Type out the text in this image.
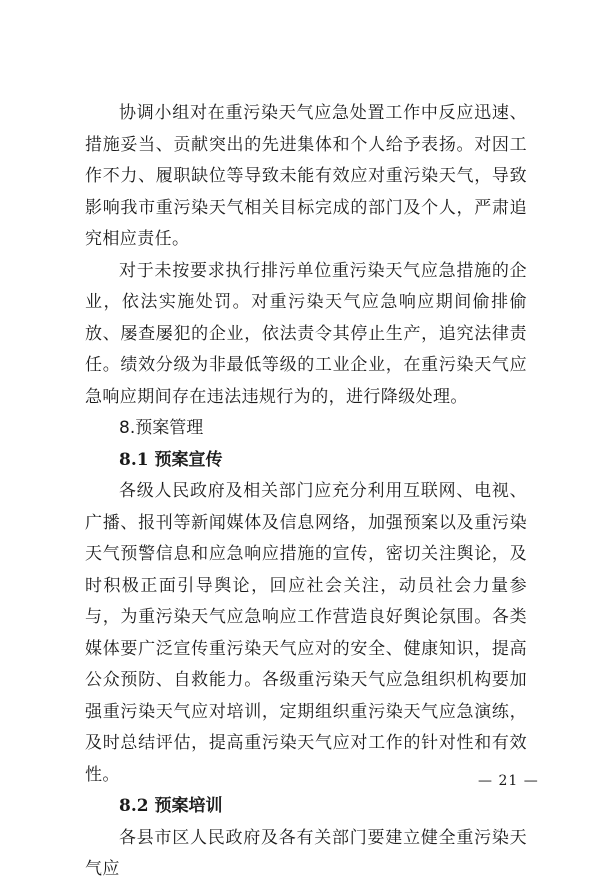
协调小组对在重污染天气应急处置工作中反应迅速、措施妥当、贡献突出的先进集体和个人给予表扬。对因工作不力、履职缺位等导致未能有效应对重污染天气，导致影响我市重污染天气相关目标完成的部门及个人，严肃追究相应责任。

对于未按要求执行排污单位重污染天气应急措施的企业，依法实施处罚。对重污染天气应急响应期间偷排偷放、屡查屡犯的企业，依法责令其停止生产，追究法律责任。绩效分级为非最低等级的工业企业，在重污染天气应急响应期间存在违法违规行为的，进行降级处理。

8.预案管理

8.1 预案宣传

各级人民政府及相关部门应充分利用互联网、电视、广播、报刊等新闻媒体及信息网络，加强预案以及重污染天气预警信息和应急响应措施的宣传，密切关注舆论，及时积极正面引导舆论，回应社会关注，动员社会力量参与，为重污染天气应急响应工作营造良好舆论氛围。各类媒体要广泛宣传重污染天气应对的安全、健康知识，提高公众预防、自救能力。各级重污染天气应急组织机构要加强重污染天气应对培训，定期组织重污染天气应急演练，及时总结评估，提高重污染天气应对工作的针对性和有效性。

8.2 预案培训

各县市区人民政府及各有关部门要建立健全重污染天气应

— 21 —
